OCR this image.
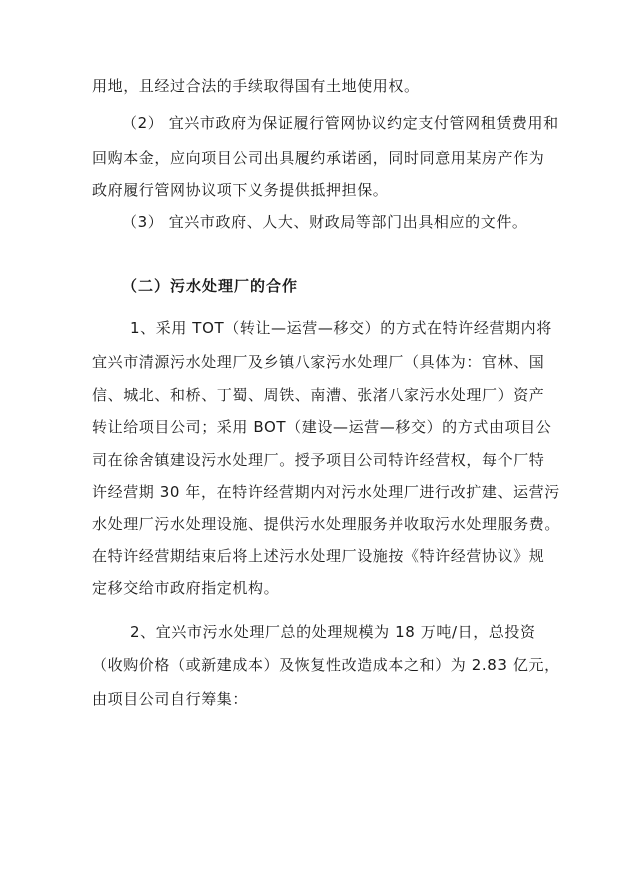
用地，且经过合法的手续取得国有土地使用权。
（2） 宜兴市政府为保证履行管网协议约定支付管网租赁费用和
回购本金，应向项目公司出具履约承诺函，同时同意用某房产作为
政府履行管网协议项下义务提供抵押担保。
（3） 宜兴市政府、人大、财政局等部门出具相应的文件。
（二）污水处理厂的合作
1、采用 TOT（转让—运营—移交）的方式在特许经营期内将
宜兴市清源污水处理厂及乡镇八家污水处理厂（具体为：官林、国
信、城北、和桥、丁蜀、周铁、南漕、张渚八家污水处理厂）资产
转让给项目公司；采用 BOT（建设—运营—移交）的方式由项目公
司在徐舍镇建设污水处理厂。授予项目公司特许经营权，每个厂特
许经营期 30 年，在特许经营期内对污水处理厂进行改扩建、运营污
水处理厂污水处理设施、提供污水处理服务并收取污水处理服务费。
在特许经营期结束后将上述污水处理厂设施按《特许经营协议》规
定移交给市政府指定机构。
2、宜兴市污水处理厂总的处理规模为 18 万吨/日，总投资
（收购价格（或新建成本）及恢复性改造成本之和）为 2.83 亿元，
由项目公司自行筹集：
